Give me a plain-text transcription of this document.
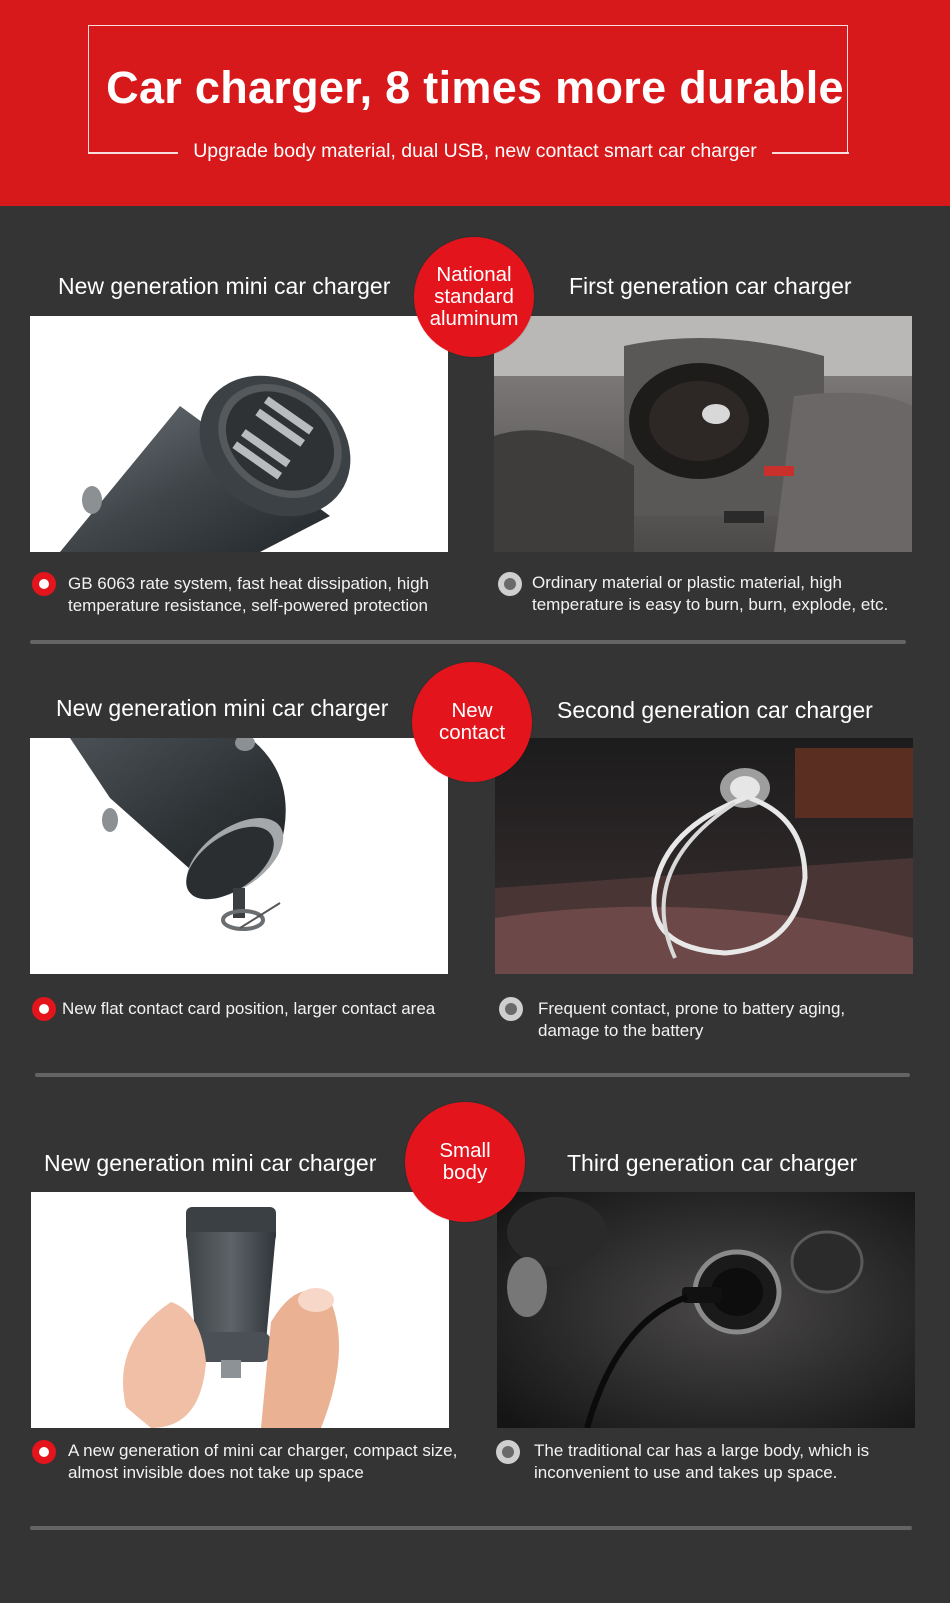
Car charger, 8 times more durable
Upgrade body material, dual USB, new contact smart car charger
New generation mini car charger	First generation car charger
National
standard
aluminum
GB 6063 rate system, fast heat dissipation, high temperature resistance, self-powered protection
Ordinary material or plastic material, high temperature is easy to burn, burn, explode, etc.
New generation mini car charger	Second generation car charger
New
contact
New flat contact card position, larger contact area	Frequent contact, prone to battery aging, damage to the battery
New generation mini car charger	Third generation car charger
Small
body
A new generation of mini car charger, compact size, almost invisible does not take up space
The traditional car has a large body, which is inconvenient to use and takes up space.
